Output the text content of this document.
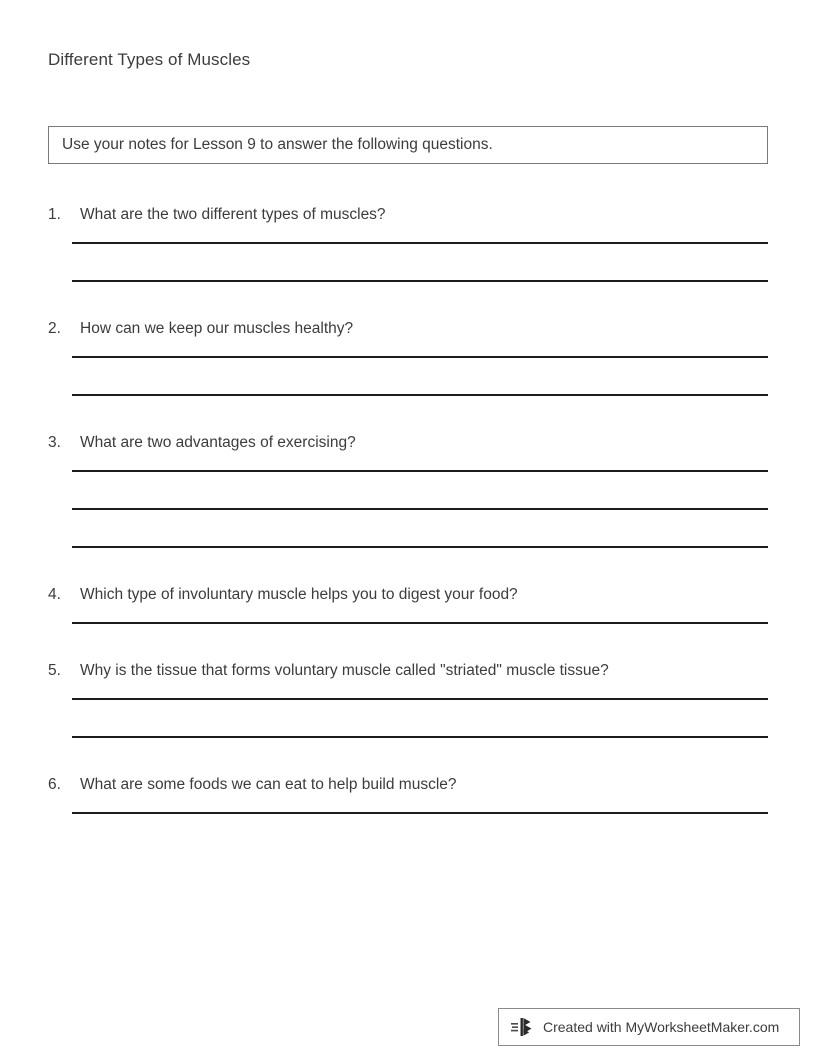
Different Types of Muscles
Use your notes for Lesson 9 to answer the following questions.
1.	What are the two different types of muscles?
2.	How can we keep our muscles healthy?
3.	What are two advantages of exercising?
4.	Which type of involuntary muscle helps you to digest your food?
5.	Why is the tissue that forms voluntary muscle called "striated" muscle tissue?
6.	What are some foods we can eat to help build muscle?
Created with MyWorksheetMaker.com
